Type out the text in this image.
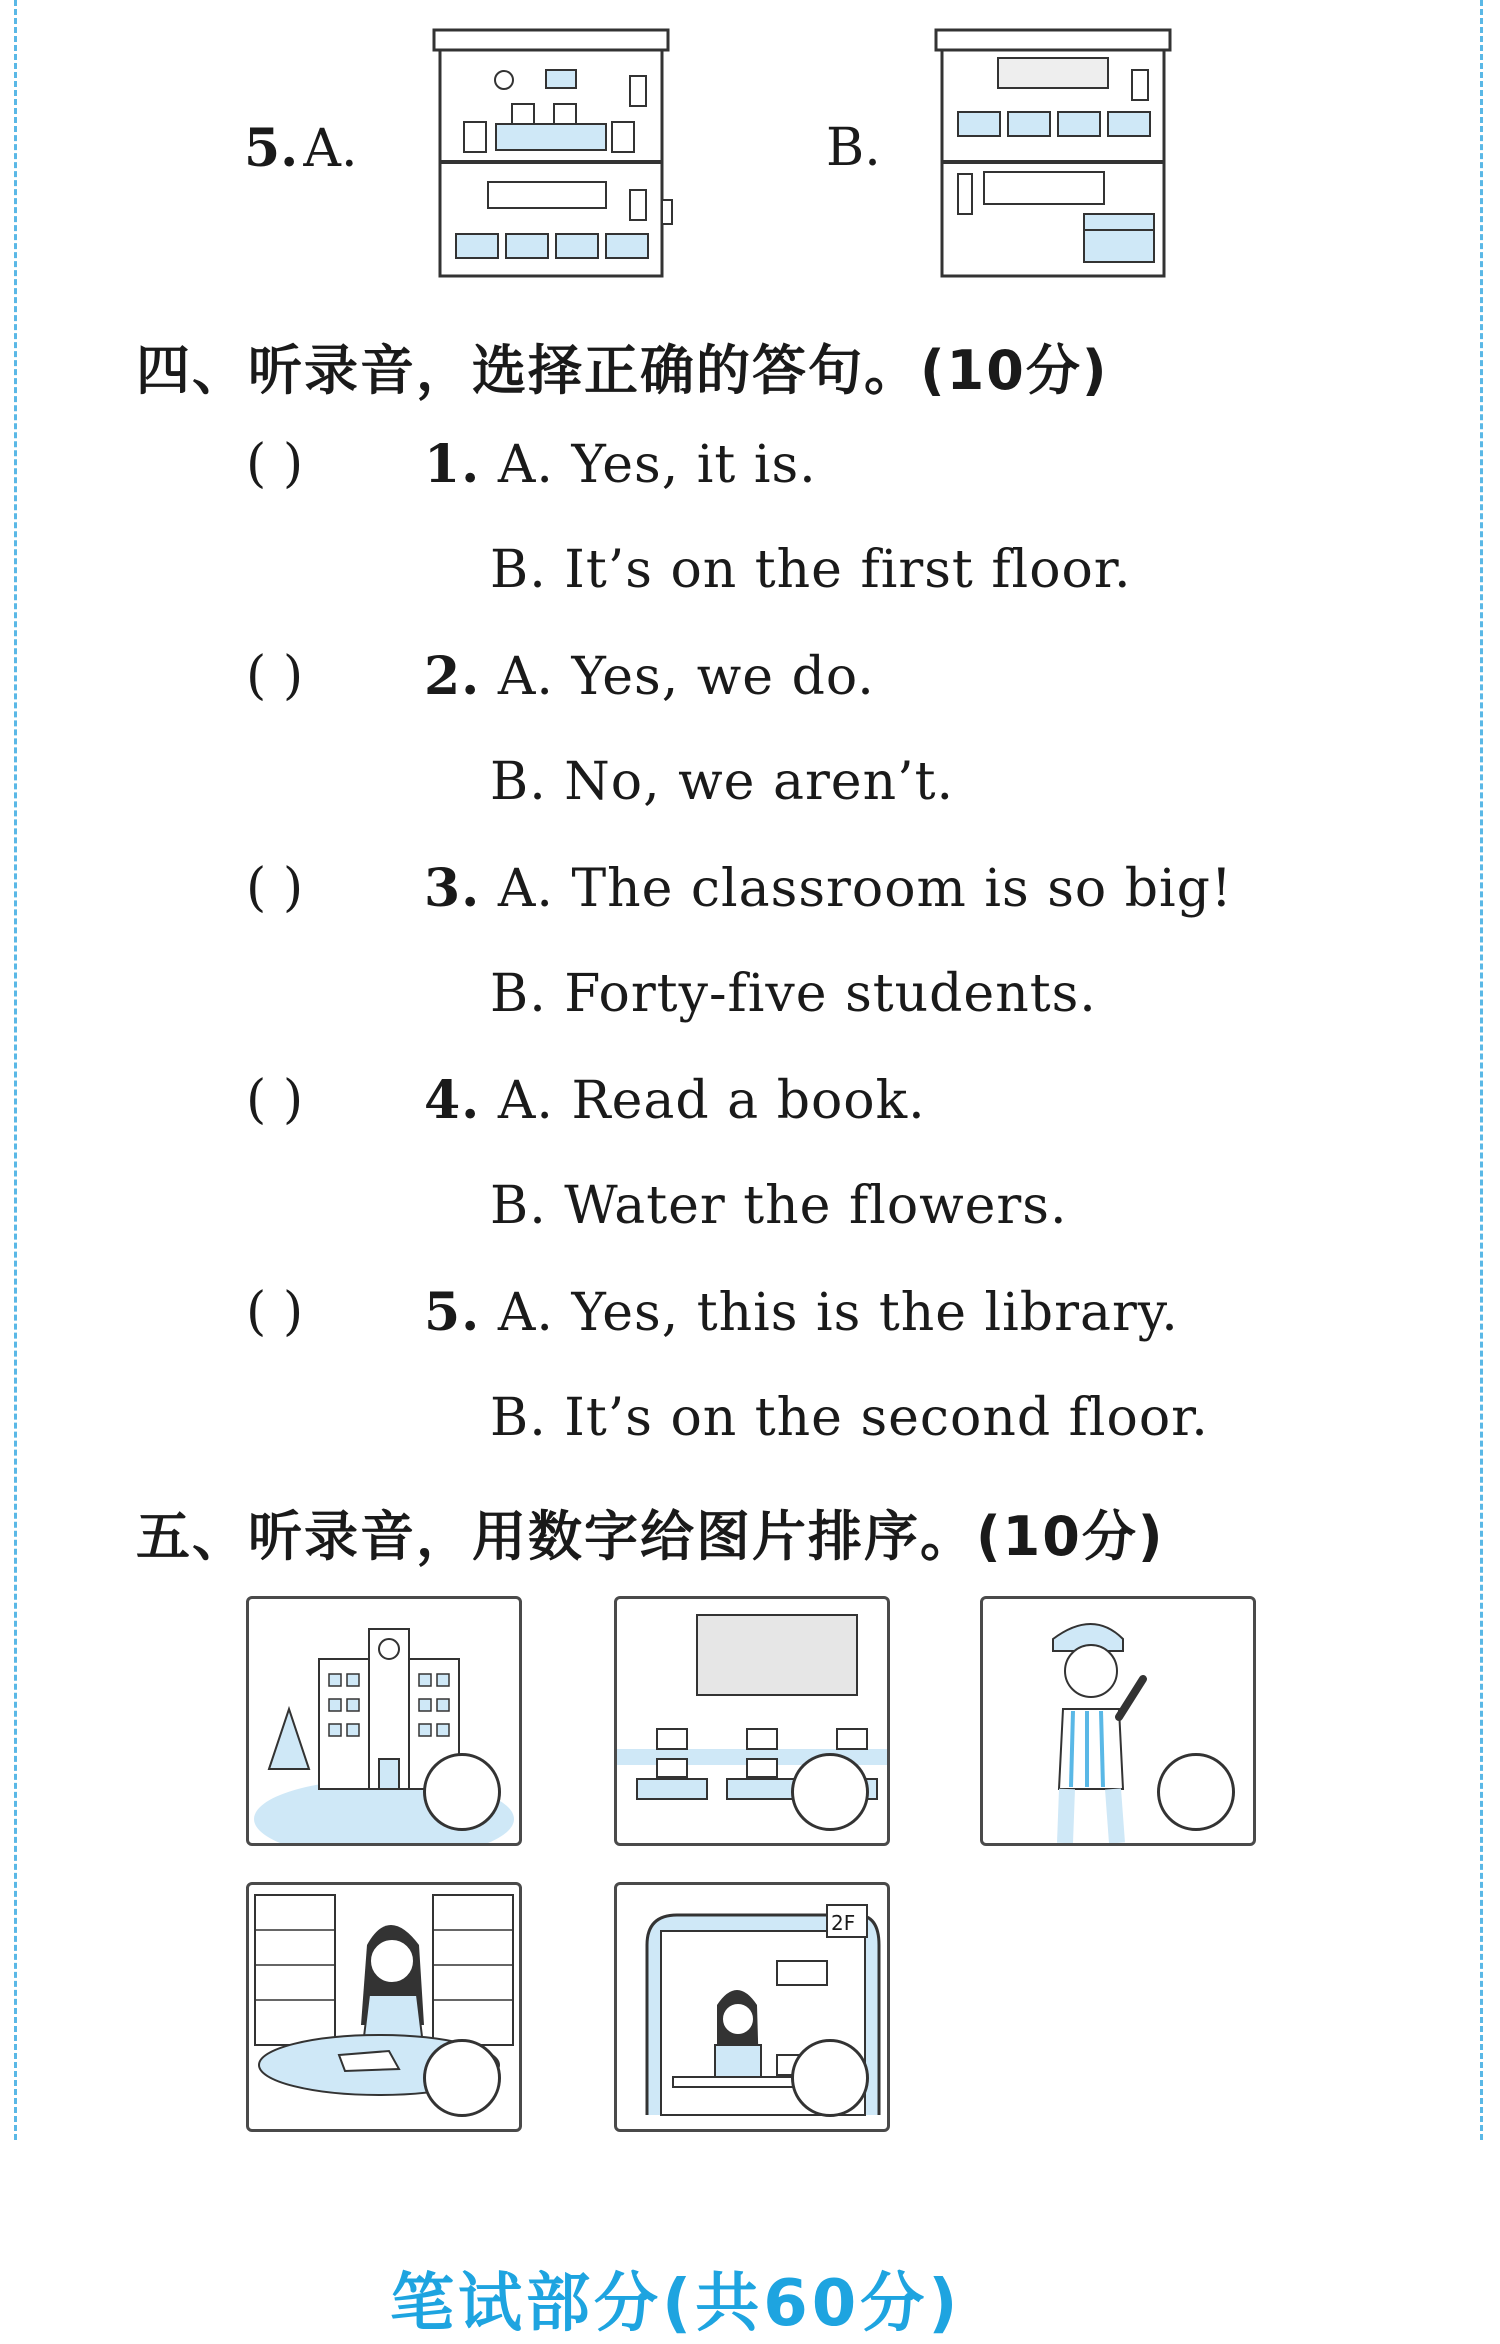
5. A.	B.
四、听录音，选择正确的答句。(10分)
( ) 1. A. Yes, it is.
B. It’s on the first floor.
( ) 2. A. Yes, we do.
B. No, we aren’t.
( ) 3. A. The classroom is so big!
B. Forty-five students.
( ) 4. A. Read a book.
B. Water the flowers.
( ) 5. A. Yes, this is the library.
B. It’s on the second floor.
五、听录音，用数字给图片排序。(10分)
2F
笔试部分(共60分)
